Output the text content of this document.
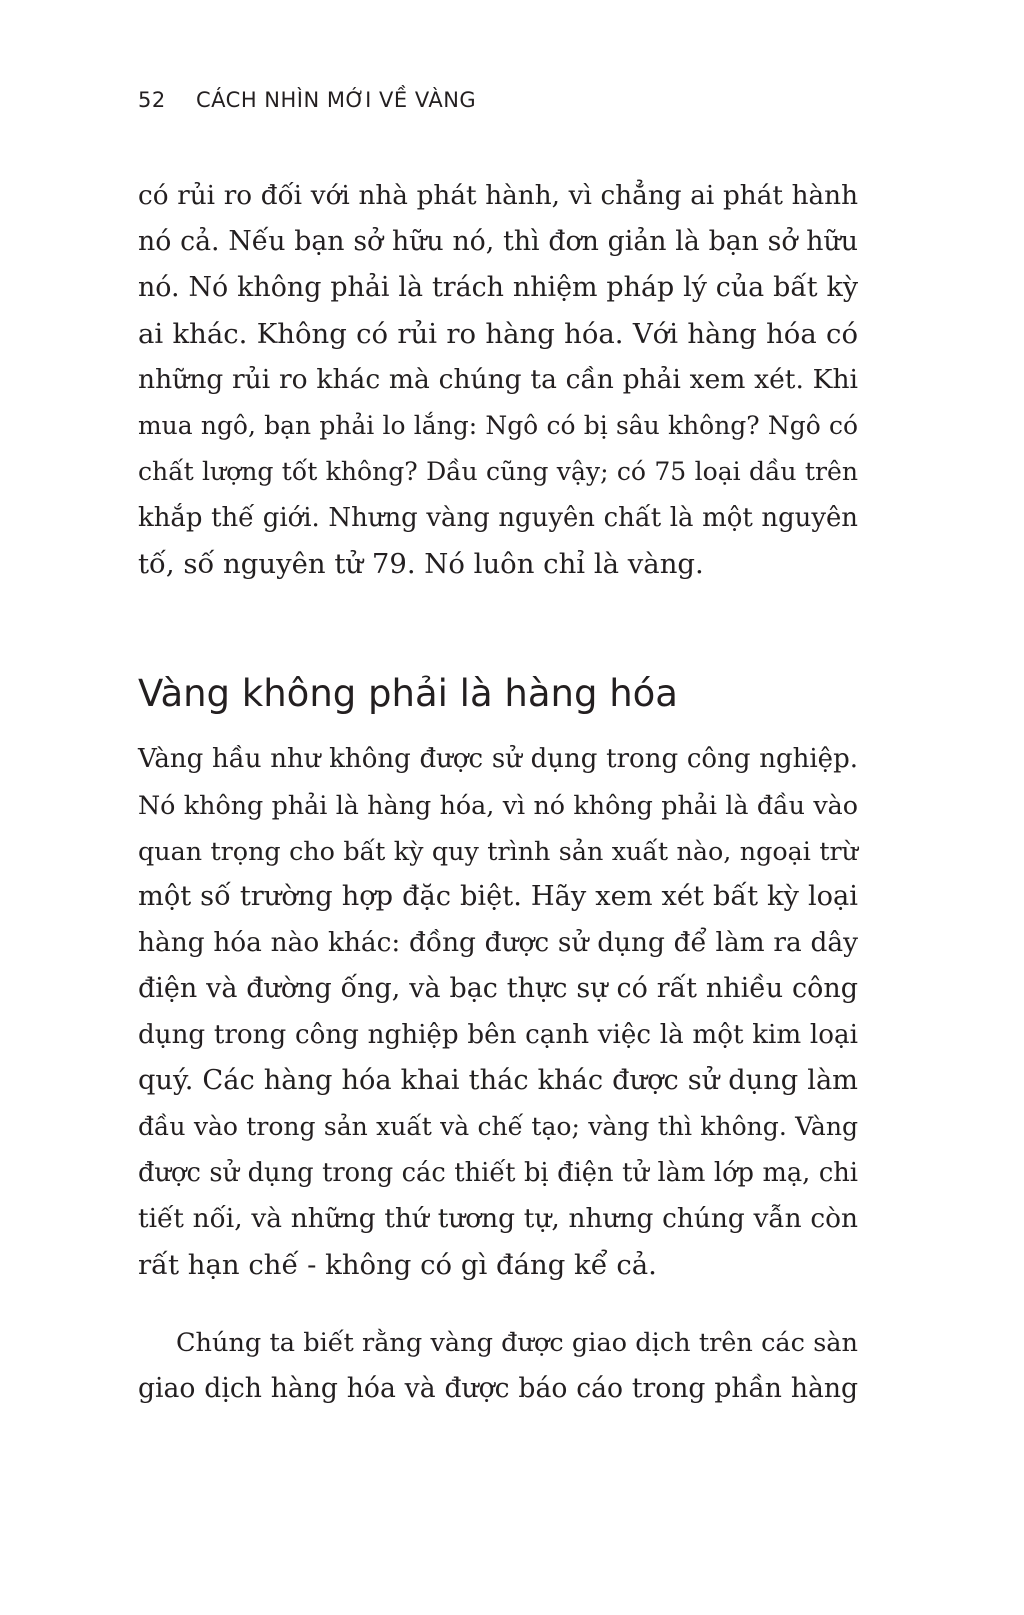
52 CÁCH NHÌN MỚI VỀ VÀNG
có rủi ro đối với nhà phát hành, vì chẳng ai phát hành
nó cả. Nếu bạn sở hữu nó, thì đơn giản là bạn sở hữu
nó. Nó không phải là trách nhiệm pháp lý của bất kỳ
ai khác. Không có rủi ro hàng hóa. Với hàng hóa có
những rủi ro khác mà chúng ta cần phải xem xét. Khi
mua ngô, bạn phải lo lắng: Ngô có bị sâu không? Ngô có
chất lượng tốt không? Dầu cũng vậy; có 75 loại dầu trên
khắp thế giới. Nhưng vàng nguyên chất là một nguyên
tố, số nguyên tử 79. Nó luôn chỉ là vàng.
Vàng không phải là hàng hóa
Vàng hầu như không được sử dụng trong công nghiệp.
Nó không phải là hàng hóa, vì nó không phải là đầu vào
quan trọng cho bất kỳ quy trình sản xuất nào, ngoại trừ
một số trường hợp đặc biệt. Hãy xem xét bất kỳ loại
hàng hóa nào khác: đồng được sử dụng để làm ra dây
điện và đường ống, và bạc thực sự có rất nhiều công
dụng trong công nghiệp bên cạnh việc là một kim loại
quý. Các hàng hóa khai thác khác được sử dụng làm
đầu vào trong sản xuất và chế tạo; vàng thì không. Vàng
được sử dụng trong các thiết bị điện tử làm lớp mạ, chi
tiết nối, và những thứ tương tự, nhưng chúng vẫn còn
rất hạn chế - không có gì đáng kể cả.
Chúng ta biết rằng vàng được giao dịch trên các sàn
giao dịch hàng hóa và được báo cáo trong phần hàng
